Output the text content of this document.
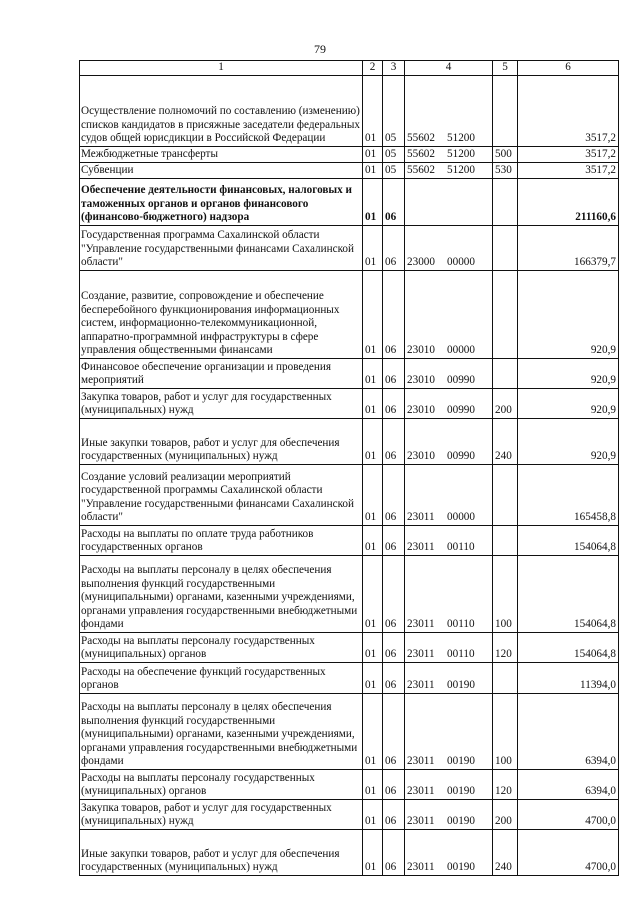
79
1	2	3	4	5	6
Осуществление полномочий по составлению (изменению) списков кандидатов в присяжные заседатели федеральных судов общей юрисдикции в Российской Федерации	01	05	55602 51200		3517,2
Межбюджетные трансферты	01	05	55602 51200	500	3517,2
Субвенции	01	05	55602 51200	530	3517,2
Обеспечение деятельности финансовых, налоговых и таможенных органов и органов финансового (финансово-бюджетного) надзора	01	06			211160,6
Государственная программа Сахалинской области "Управление государственными финансами Сахалинской области"	01	06	23000 00000		166379,7
Создание, развитие, сопровождение и обеспечение бесперебойного функционирования информационных систем, информационно-телекоммуникационной, аппаратно-программной инфраструктуры в сфере управления общественными финансами	01	06	23010 00000		920,9
Финансовое обеспечение организации и проведения мероприятий	01	06	23010 00990		920,9
Закупка товаров, работ и услуг для государственных (муниципальных) нужд	01	06	23010 00990	200	920,9
Иные закупки товаров, работ и услуг для обеспечения государственных (муниципальных) нужд	01	06	23010 00990	240	920,9
Создание условий реализации мероприятий государственной программы Сахалинской области "Управление государственными финансами Сахалинской области"	01	06	23011 00000		165458,8
Расходы на выплаты по оплате труда работников государственных органов	01	06	23011 00110		154064,8
Расходы на выплаты персоналу в целях обеспечения выполнения функций государственными (муниципальными) органами, казенными учреждениями, органами управления государственными внебюджетными фондами	01	06	23011 00110	100	154064,8
Расходы на выплаты персоналу государственных (муниципальных) органов	01	06	23011 00110	120	154064,8
Расходы на обеспечение функций государственных органов	01	06	23011 00190		11394,0
Расходы на выплаты персоналу в целях обеспечения выполнения функций государственными (муниципальными) органами, казенными учреждениями, органами управления государственными внебюджетными фондами	01	06	23011 00190	100	6394,0
Расходы на выплаты персоналу государственных (муниципальных) органов	01	06	23011 00190	120	6394,0
Закупка товаров, работ и услуг для государственных (муниципальных) нужд	01	06	23011 00190	200	4700,0
Иные закупки товаров, работ и услуг для обеспечения государственных (муниципальных) нужд	01	06	23011 00190	240	4700,0
